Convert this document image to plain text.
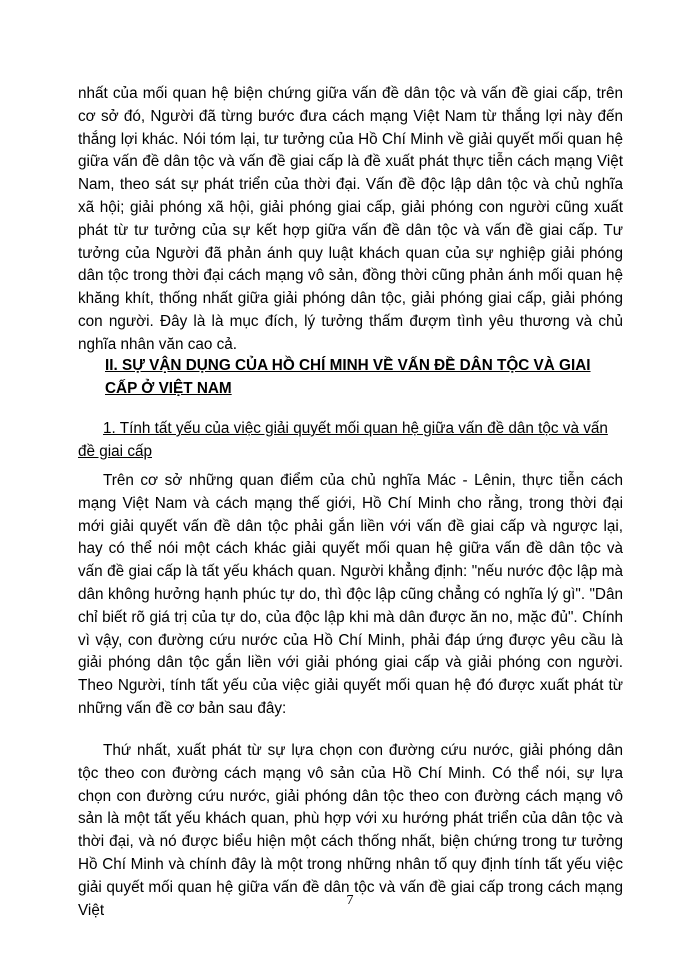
nhất của mối quan hệ biện chứng giữa vấn đề dân tộc và vấn đề giai cấp, trên cơ sở đó, Người đã từng bước đưa cách mạng Việt Nam từ thắng lợi này đến thắng lợi khác. Nói tóm lại, tư tưởng của Hồ Chí Minh về giải quyết mối quan hệ giữa vấn đề dân tộc và vấn đề giai cấp là đề xuất phát thực tiễn cách mạng Việt Nam, theo sát sự phát triển của thời đại. Vấn đề độc lập dân tộc và chủ nghĩa xã hội; giải phóng xã hội, giải phóng giai cấp, giải phóng con người cũng xuất phát từ tư tưởng của sự kết hợp giữa vấn đề dân tộc và vấn đề giai cấp. Tư tưởng của Người đã phản ánh quy luật khách quan của sự nghiệp giải phóng dân tộc trong thời đại cách mạng vô sản, đồng thời cũng phản ánh mối quan hệ khăng khít, thống nhất giữa giải phóng dân tộc, giải phóng giai cấp, giải phóng con người. Đây là là mục đích, lý tưởng thấm đượm tình yêu thương và chủ nghĩa nhân văn cao cả.

II. SỰ VẬN DỤNG CỦA HỒ CHÍ MINH VỀ VẤN ĐỀ DÂN TỘC VÀ GIAI CẤP Ở VIỆT NAM

1. Tính tất yếu của việc giải quyết mối quan hệ giữa vấn đề dân tộc và vấn đề giai cấp

Trên cơ sở những quan điểm của chủ nghĩa Mác - Lênin, thực tiễn cách mạng Việt Nam và cách mạng thế giới, Hồ Chí Minh cho rằng, trong thời đại mới giải quyết vấn đề dân tộc phải gắn liền với vấn đề giai cấp và ngược lại, hay có thể nói một cách khác giải quyết mối quan hệ giữa vấn đề dân tộc và vấn đề giai cấp là tất yếu khách quan. Người khẳng định: "nếu nước độc lập mà dân không hưởng hạnh phúc tự do, thì độc lập cũng chẳng có nghĩa lý gì". "Dân chỉ biết rõ giá trị của tự do, của độc lập khi mà dân được ăn no, mặc đủ". Chính vì vậy, con đường cứu nước của Hồ Chí Minh, phải đáp ứng được yêu cầu là giải phóng dân tộc gắn liền với giải phóng giai cấp và giải phóng con người. Theo Người, tính tất yếu của việc giải quyết mối quan hệ đó được xuất phát từ những vấn đề cơ bản sau đây:

Thứ nhất, xuất phát từ sự lựa chọn con đường cứu nước, giải phóng dân tộc theo con đường cách mạng vô sản của Hồ Chí Minh. Có thể nói, sự lựa chọn con đường cứu nước, giải phóng dân tộc theo con đường cách mạng vô sản là một tất yếu khách quan, phù hợp với xu hướng phát triển của dân tộc và thời đại, và nó được biểu hiện một cách thống nhất, biện chứng trong tư tưởng Hồ Chí Minh và chính đây là một trong những nhân tố quy định tính tất yếu việc giải quyết mối quan hệ giữa vấn đề dân tộc và vấn đề giai cấp trong cách mạng Việt

7
